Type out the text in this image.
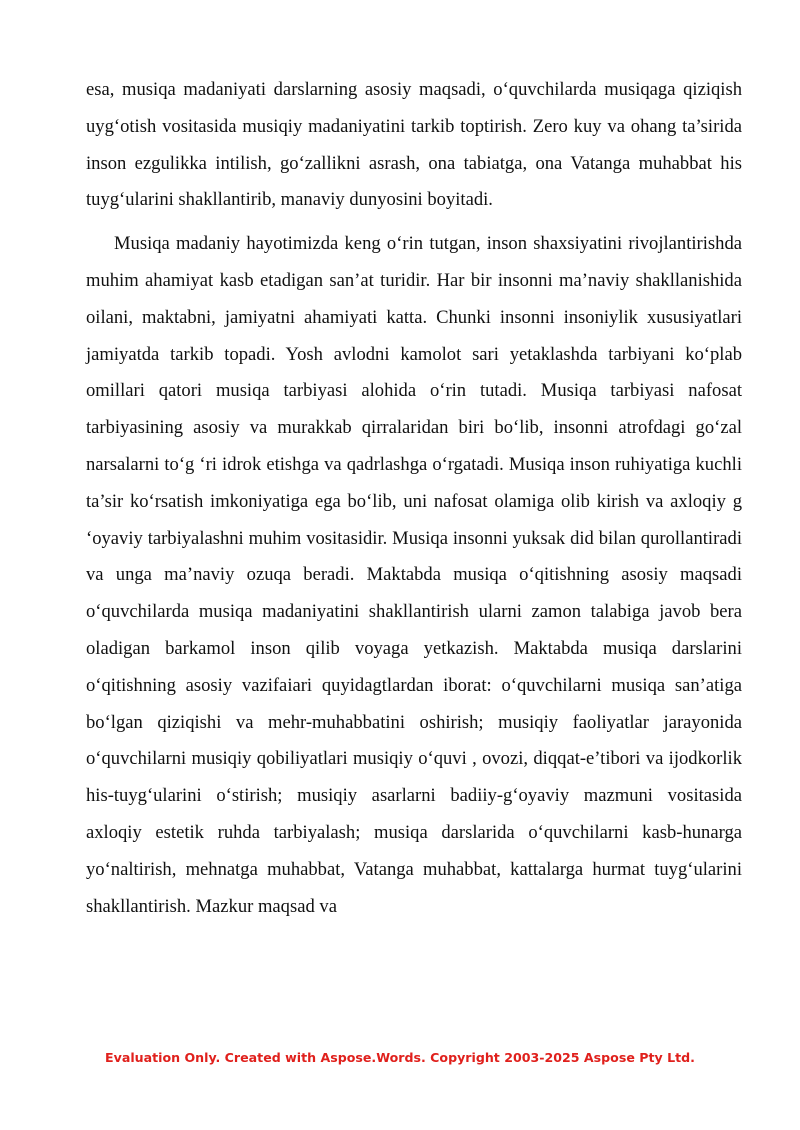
esa, musiqa madaniyati darslarning asosiy maqsadi, o‘quvchilarda musiqaga qiziqish uyg‘otish vositasida musiqiy madaniyatini tarkib toptirish. Zero kuy va ohang ta’sirida inson ezgulikka intilish, go‘zallikni asrash, ona tabiatga, ona Vatanga muhabbat his tuyg‘ularini shakllantirib, manaviy dunyosini boyitadi.

Musiqa madaniy hayotimizda keng o‘rin tutgan, inson shaxsiyatini rivojlantirishda muhim ahamiyat kasb etadigan san’at turidir. Har bir insonni ma’naviy shakllanishida oilani, maktabni, jamiyatni ahamiyati katta. Chunki insonni insoniylik xususiyatlari jamiyatda tarkib topadi. Yosh avlodni kamolot sari yetaklashda tarbiyani ko‘plab omillari qatori musiqa tarbiyasi alohida o‘rin tutadi. Musiqa tarbiyasi nafosat tarbiyasining asosiy va murakkab qirralaridan biri bo‘lib, insonni atrofdagi go‘zal narsalarni to‘g ‘ri idrok etishga va qadrlashga o‘rgatadi. Musiqa inson ruhiyatiga kuchli ta’sir ko‘rsatish imkoniyatiga ega bo‘lib, uni nafosat olamiga olib kirish va axloqiy g ‘oyaviy tarbiyalashni muhim vositasidir. Musiqa insonni yuksak did bilan qurollantiradi va unga ma’naviy ozuqa beradi. Maktabda musiqa o‘qitishning asosiy maqsadi o‘quvchilarda musiqa madaniyatini shakllantirish ularni zamon talabiga javob bera oladigan barkamol inson qilib voyaga yetkazish. Maktabda musiqa darslarini o‘qitishning asosiy vazifaiari quyidagtlardan iborat: o‘quvchilarni musiqa san’atiga bo‘lgan qiziqishi va mehr-muhabbatini oshirish; musiqiy faoliyatlar jarayonida o‘quvchilarni musiqiy qobiliyatlari musiqiy o‘quvi , ovozi, diqqat-e’tibori va ijodkorlik his-tuyg‘ularini o‘stirish; musiqiy asarlarni badiiy-g‘oyaviy mazmuni vositasida axloqiy estetik ruhda tarbiyalash; musiqa darslarida o‘quvchilarni kasb-hunarga yo‘naltirish, mehnatga muhabbat, Vatanga muhabbat, kattalarga hurmat tuyg‘ularini shakllantirish. Mazkur maqsad va

Evaluation Only. Created with Aspose.Words. Copyright 2003-2025 Aspose Pty Ltd.
